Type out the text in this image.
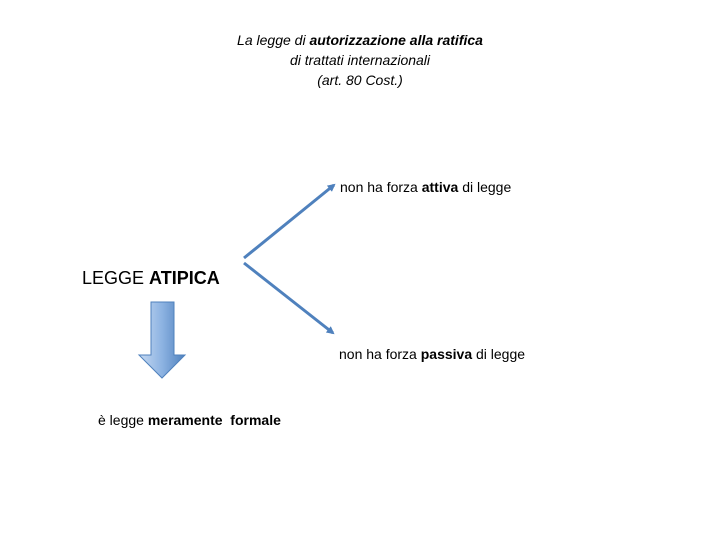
La legge di autorizzazione alla ratifica
di trattati internazionali
(art. 80 Cost.)
LEGGE ATIPICA
non ha forza attiva di legge
non ha forza passiva di legge
è legge meramente  formale
